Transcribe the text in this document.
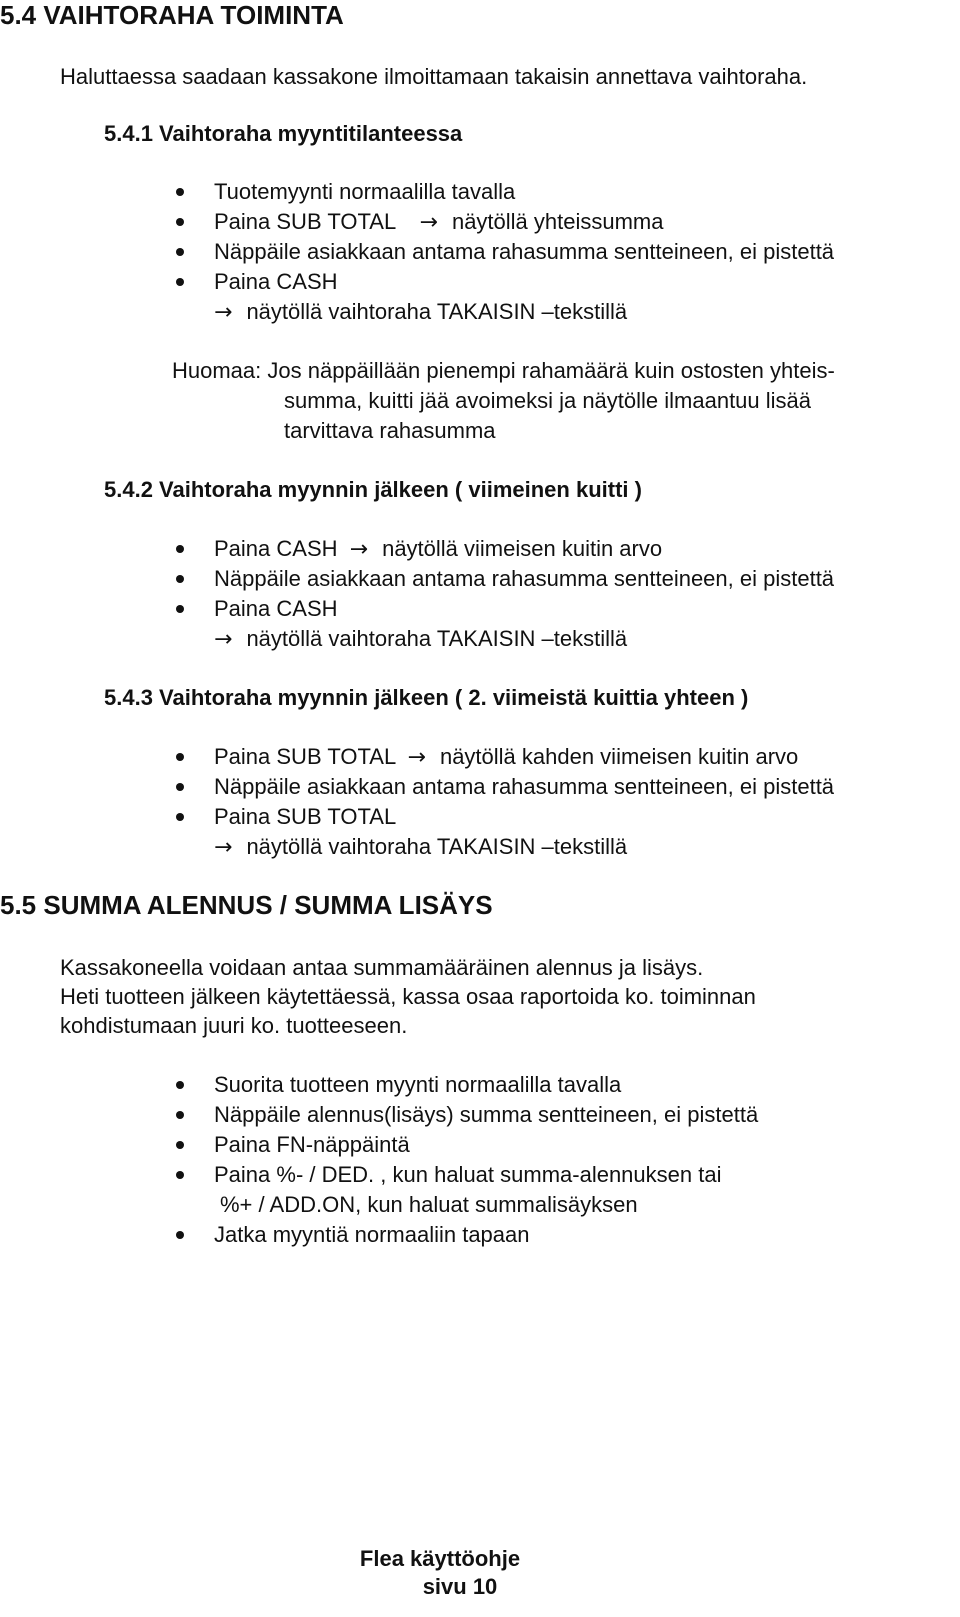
5.4 VAIHTORAHA TOIMINTA
Haluttaessa saadaan kassakone ilmoittamaan takaisin annettava vaihtoraha.
5.4.1 Vaihtoraha myyntitilanteessa
Tuotemyynti normaalilla tavalla
Paina SUB TOTAL → näytöllä yhteissumma
Näppäile asiakkaan antama rahasumma sentteineen, ei pistettä
Paina CASH
→ näytöllä vaihtoraha TAKAISIN –tekstillä
Huomaa: Jos näppäillään pienempi rahamäärä kuin ostosten yhteis-
summa, kuitti jää avoimeksi ja näytölle ilmaantuu lisää
tarvittava rahasumma
5.4.2 Vaihtoraha myynnin jälkeen ( viimeinen kuitti )
Paina CASH → näytöllä viimeisen kuitin arvo
Näppäile asiakkaan antama rahasumma sentteineen, ei pistettä
Paina CASH
→ näytöllä vaihtoraha TAKAISIN –tekstillä
5.4.3 Vaihtoraha myynnin jälkeen ( 2. viimeistä kuittia yhteen )
Paina SUB TOTAL → näytöllä kahden viimeisen kuitin arvo
Näppäile asiakkaan antama rahasumma sentteineen, ei pistettä
Paina SUB TOTAL
→ näytöllä vaihtoraha TAKAISIN –tekstillä
5.5 SUMMA ALENNUS / SUMMA LISÄYS
Kassakoneella voidaan antaa summamääräinen alennus ja lisäys.
Heti tuotteen jälkeen käytettäessä, kassa osaa raportoida ko. toiminnan
kohdistumaan juuri ko. tuotteeseen.
Suorita tuotteen myynti normaalilla tavalla
Näppäile alennus(lisäys) summa sentteineen, ei pistettä
Paina FN-näppäintä
Paina %- / DED. , kun haluat summa-alennuksen tai
%+ / ADD.ON, kun haluat summalisäyksen
Jatka myyntiä normaaliin tapaan
Flea käyttöohje
sivu 10
